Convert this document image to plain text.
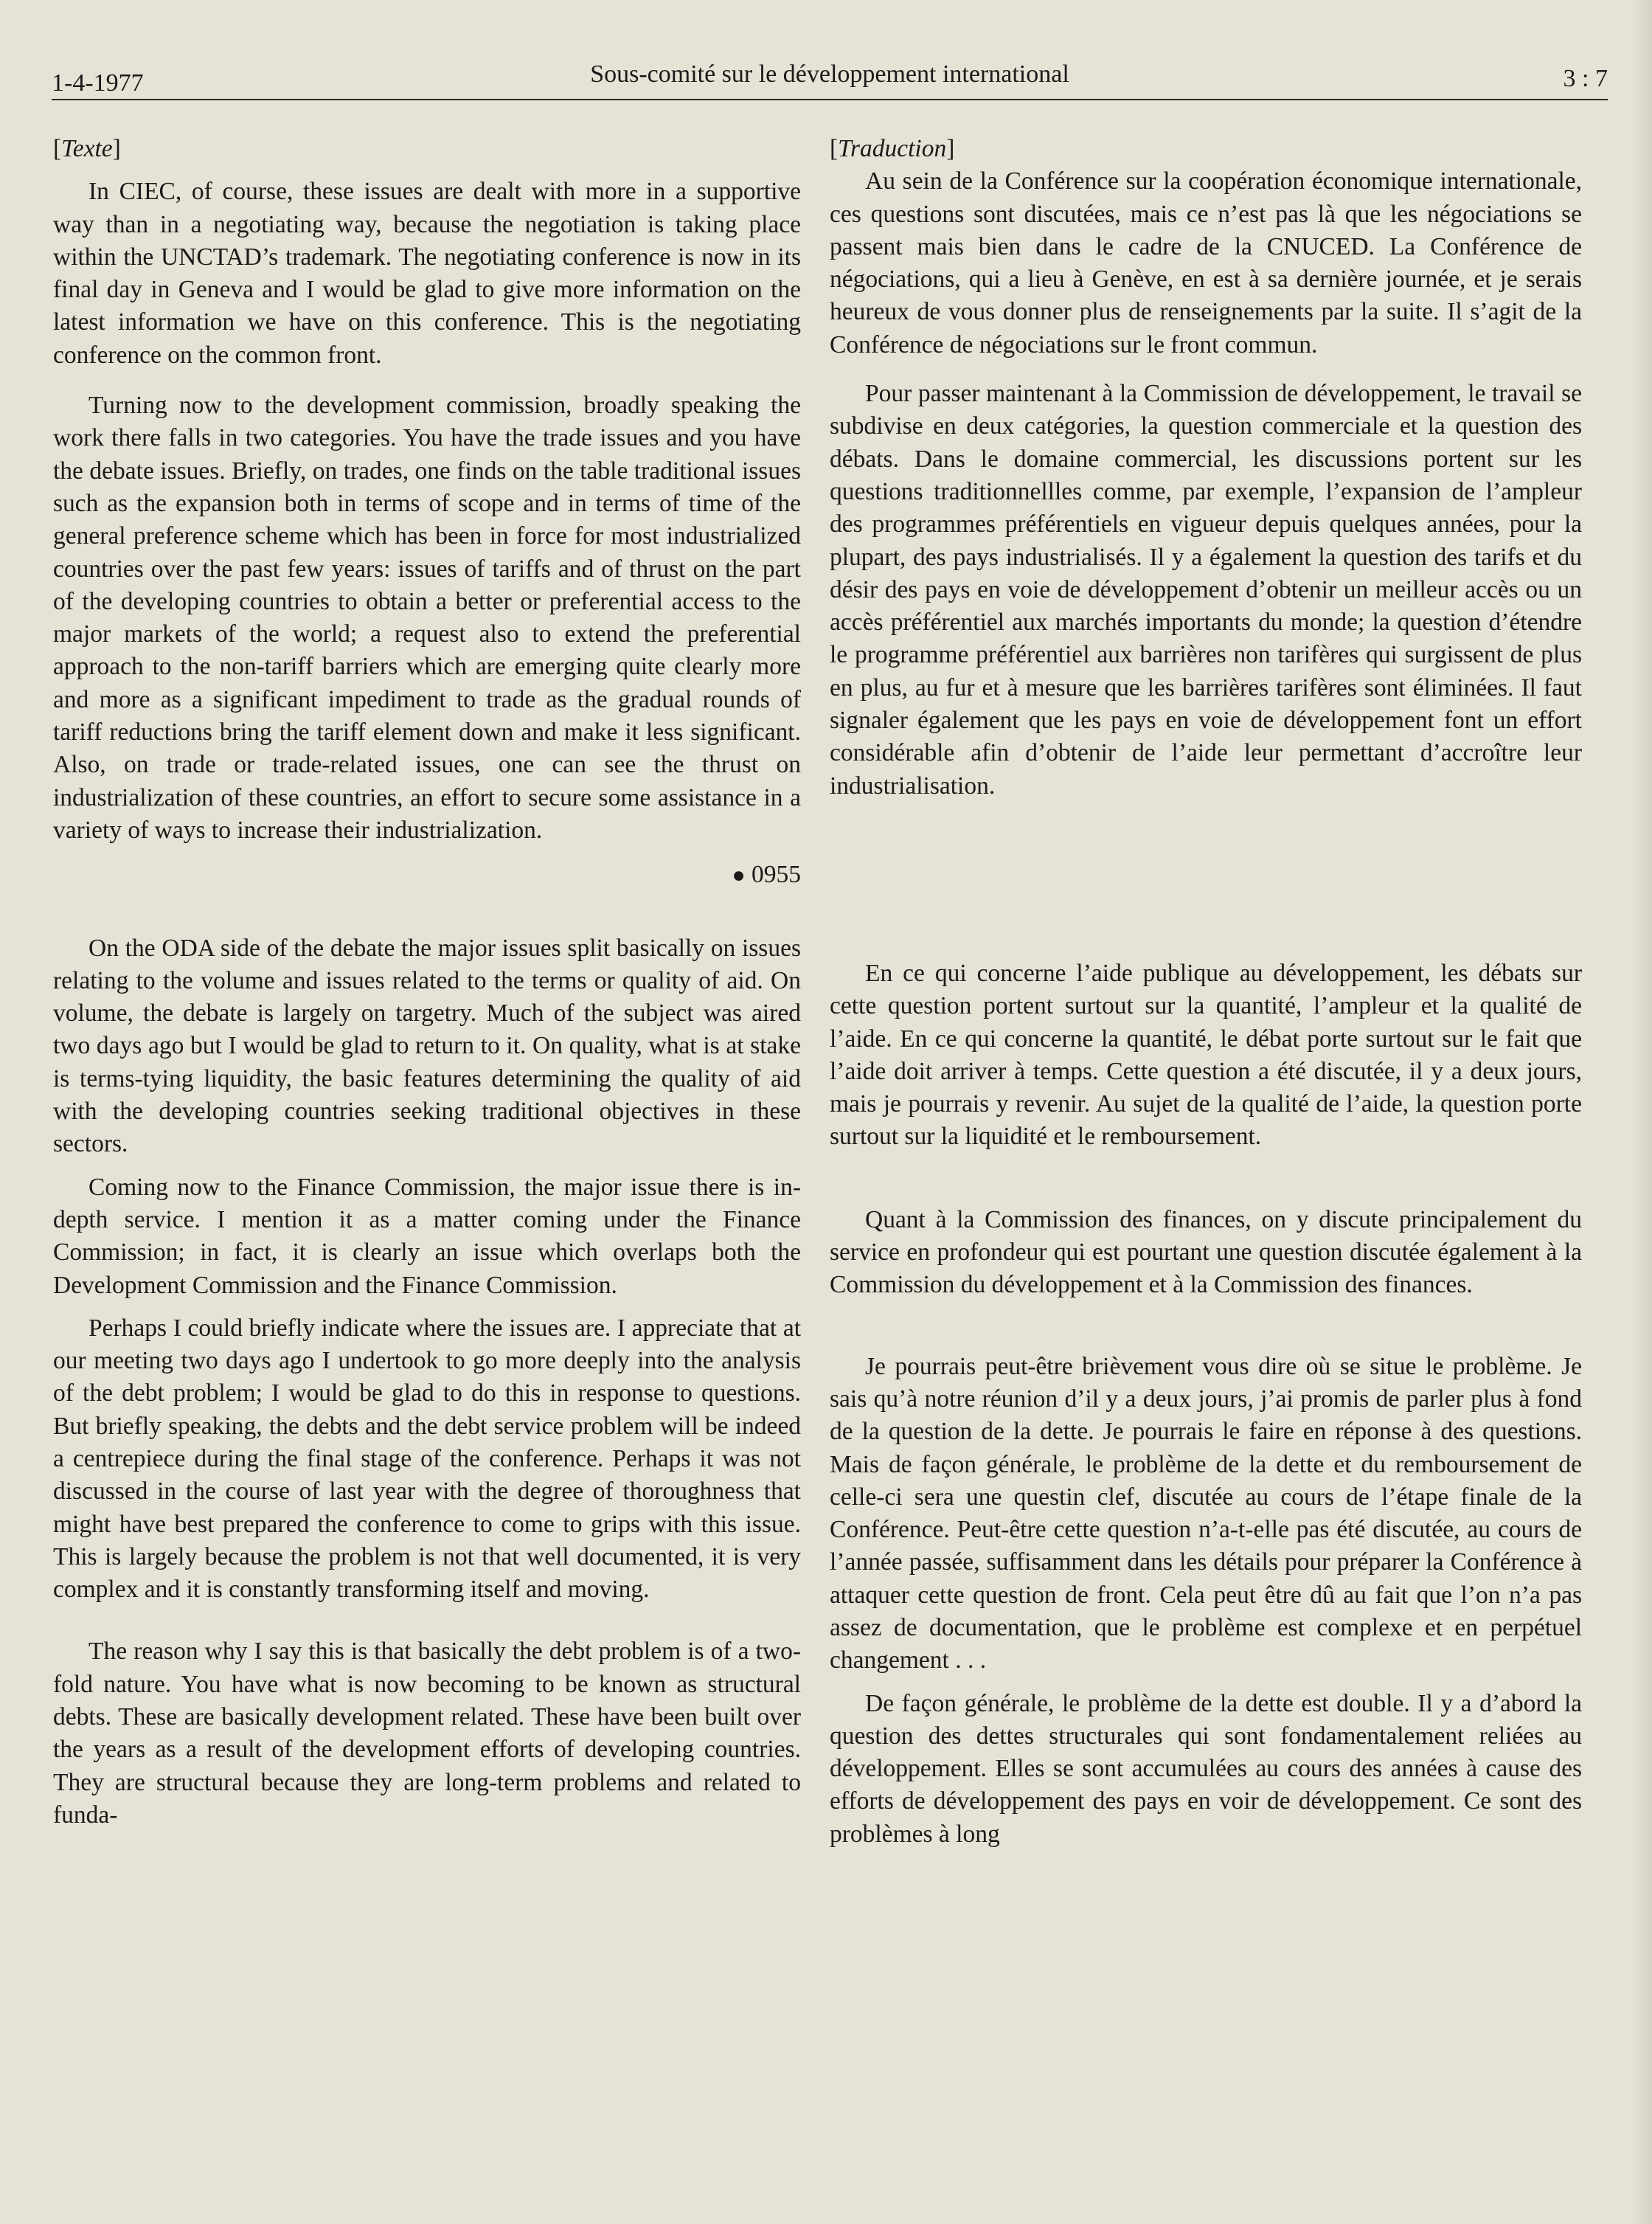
1-4-1977	Sous-comité sur le développement international	3 : 7

[Texte]

In CIEC, of course, these issues are dealt with more in a supportive way than in a negotiating way, because the negotiation is taking place within the UNCTAD’s trademark. The negotiating conference is now in its final day in Geneva and I would be glad to give more information on the latest information we have on this conference. This is the negotiating conference on the common front.

Turning now to the development commission, broadly speaking the work there falls in two categories. You have the trade issues and you have the debate issues. Briefly, on trades, one finds on the table traditional issues such as the expansion both in terms of scope and in terms of time of the general preference scheme which has been in force for most industrialized countries over the past few years: issues of tariffs and of thrust on the part of the developing countries to obtain a better or preferential access to the major markets of the world; a request also to extend the preferential approach to the non-tariff barriers which are emerging quite clearly more and more as a significant impediment to trade as the gradual rounds of tariff reductions bring the tariff element down and make it less significant. Also, on trade or trade-related issues, one can see the thrust on industrialization of these countries, an effort to secure some assistance in a variety of ways to increase their industrialization.

● 0955

On the ODA side of the debate the major issues split basically on issues relating to the volume and issues related to the terms or quality of aid. On volume, the debate is largely on targetry. Much of the subject was aired two days ago but I would be glad to return to it. On quality, what is at stake is terms-tying liquidity, the basic features determining the quality of aid with the developing countries seeking traditional objectives in these sectors.

Coming now to the Finance Commission, the major issue there is in-depth service. I mention it as a matter coming under the Finance Commission; in fact, it is clearly an issue which overlaps both the Development Commission and the Finance Commission.

Perhaps I could briefly indicate where the issues are. I appreciate that at our meeting two days ago I undertook to go more deeply into the analysis of the debt problem; I would be glad to do this in response to questions. But briefly speaking, the debts and the debt service problem will be indeed a centrepiece during the final stage of the conference. Perhaps it was not discussed in the course of last year with the degree of thoroughness that might have best prepared the conference to come to grips with this issue. This is largely because the problem is not that well documented, it is very complex and it is constantly transforming itself and moving.

The reason why I say this is that basically the debt problem is of a two-fold nature. You have what is now becoming to be known as structural debts. These are basically development related. These have been built over the years as a result of the development efforts of developing countries. They are structural because they are long-term problems and related to funda-

[Traduction]

Au sein de la Conférence sur la coopération économique internationale, ces questions sont discutées, mais ce n’est pas là que les négociations se passent mais bien dans le cadre de la CNUCED. La Conférence de négociations, qui a lieu à Genève, en est à sa dernière journée, et je serais heureux de vous donner plus de renseignements par la suite. Il s’agit de la Conférence de négociations sur le front commun.

Pour passer maintenant à la Commission de développement, le travail se subdivise en deux catégories, la question commerciale et la question des débats. Dans le domaine commercial, les discussions portent sur les questions traditionnellles comme, par exemple, l’expansion de l’ampleur des programmes préférentiels en vigueur depuis quelques années, pour la plupart, des pays industrialisés. Il y a également la question des tarifs et du désir des pays en voie de développement d’obtenir un meilleur accès ou un accès préférentiel aux marchés importants du monde; la question d’étendre le programme préférentiel aux barrières non tarifères qui surgissent de plus en plus, au fur et à mesure que les barrières tarifères sont éliminées. Il faut signaler également que les pays en voie de développement font un effort considérable afin d’obtenir de l’aide leur permettant d’accroître leur industrialisation.

En ce qui concerne l’aide publique au développement, les débats sur cette question portent surtout sur la quantité, l’ampleur et la qualité de l’aide. En ce qui concerne la quantité, le débat porte surtout sur le fait que l’aide doit arriver à temps. Cette question a été discutée, il y a deux jours, mais je pourrais y revenir. Au sujet de la qualité de l’aide, la question porte surtout sur la liquidité et le remboursement.

Quant à la Commission des finances, on y discute principalement du service en profondeur qui est pourtant une question discutée également à la Commission du développement et à la Commission des finances.

Je pourrais peut-être brièvement vous dire où se situe le problème. Je sais qu’à notre réunion d’il y a deux jours, j’ai promis de parler plus à fond de la question de la dette. Je pourrais le faire en réponse à des questions. Mais de façon générale, le problème de la dette et du remboursement de celle-ci sera une questin clef, discutée au cours de l’étape finale de la Conférence. Peut-être cette question n’a-t-elle pas été discutée, au cours de l’année passée, suffisamment dans les détails pour préparer la Conférence à attaquer cette question de front. Cela peut être dû au fait que l’on n’a pas assez de documentation, que le problème est complexe et en perpétuel changement . . .

De façon générale, le problème de la dette est double. Il y a d’abord la question des dettes structurales qui sont fondamentalement reliées au développement. Elles se sont accumulées au cours des années à cause des efforts de développement des pays en voir de développement. Ce sont des problèmes à long
